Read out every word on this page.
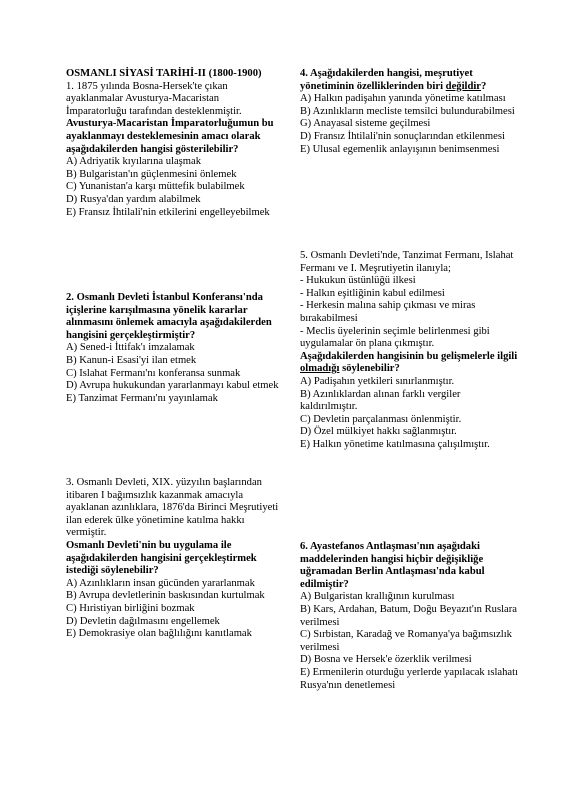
OSMANLI SİYASİ TARİHİ-II (1800-1900)

1. 1875 yılında Bosna-Hersek'te çıkan ayaklanmalar Avusturya-Macaristan İmparatorluğu tarafından desteklenmiştir.

Avusturya-Macaristan İmparatorluğumun bu ayaklanmayı desteklemesinin amacı olarak aşağıdakilerden hangisi gösterilebilir?

A) Adriyatik kıyılarına ulaşmak

B) Bulgaristan'ın güçlenmesini önlemek

C) Yunanistan'a karşı müttefik bulabilmek

D) Rusya'dan yardım alabilmek

E) Fransız İhtilali'nin etkilerini engelleyebilmek

2. Osmanlı Devleti İstanbul Konferansı'nda içişlerine karışılmasına yönelik kararlar alınmasını önlemek amacıyla aşağıdakilerden hangisini gerçekleştirmiştir?

A) Sened-i İttifak'ı imzalamak

B) Kanun-i Esasi'yi ilan etmek

C) Islahat Fermanı'nı konferansa sunmak

D) Avrupa hukukundan yararlanmayı kabul etmek

E) Tanzimat Fermanı'nı yayınlamak

3. Osmanlı Devleti, XIX. yüzyılın başlarından itibaren I bağımsızlık kazanmak amacıyla ayaklanan azınlıklara, 1876'da Birinci Meşrutiyeti ilan ederek ülke yönetimine katılma hakkı vermiştir.

Osmanlı Devleti'nin bu uygulama ile aşağıdakilerden hangisini gerçekleştirmek istediği söylenebilir?

A) Azınlıkların insan gücünden yararlanmak

B) Avrupa devletlerinin baskısından kurtulmak

C) Hıristiyan birliğini bozmak

D) Devletin dağılmasını engellemek

E) Demokrasiye olan bağlılığını kanıtlamak

4. Aşağıdakilerden hangisi, meşrutiyet yönetiminin özelliklerinden biri değildir?

A) Halkın padişahın yanında yönetime katılması

B) Azınlıkların mecliste temsilci bulundurabilmesi G) Anayasal sisteme geçilmesi

D) Fransız İhtilali'nin sonuçlarından etkilenmesi

E) Ulusal egemenlik anlayışının benimsenmesi

5. Osmanlı Devleti'nde, Tanzimat Fermanı, Islahat Fermanı ve I. Meşrutiyetin ilanıyla;

- Hukukun üstünlüğü ilkesi

- Halkın eşitliğinin kabul edilmesi

- Herkesin malına sahip çıkması ve miras bırakabilmesi

- Meclis üyelerinin seçimle belirlenmesi gibi uygulamalar ön plana çıkmıştır.

Aşağıdakilerden hangisinin bu gelişmelerle ilgili olmadığı söylenebilir?

A) Padişahın yetkileri sınırlanmıştır.

B) Azınlıklardan alınan farklı vergiler kaldırılmıştır.

C) Devletin parçalanması önlenmiştir.

D) Özel mülkiyet hakkı sağlanmıştır.

E) Halkın yönetime katılmasına çalışılmıştır.

6. Ayastefanos Antlaşması'nın aşağıdaki maddelerinden hangisi hiçbir değişikliğe uğramadan Berlin Antlaşması'nda kabul edilmiştir?

A) Bulgaristan krallığının kurulması

B) Kars, Ardahan, Batum, Doğu Beyazıt'ın Ruslara verilmesi

C) Sırbistan, Karadağ ve Romanya'ya bağımsızlık verilmesi

D) Bosna ve Hersek'e özerklik verilmesi

E) Ermenilerin oturduğu yerlerde yapılacak ıslahatı Rusya'nın denetlemesi
